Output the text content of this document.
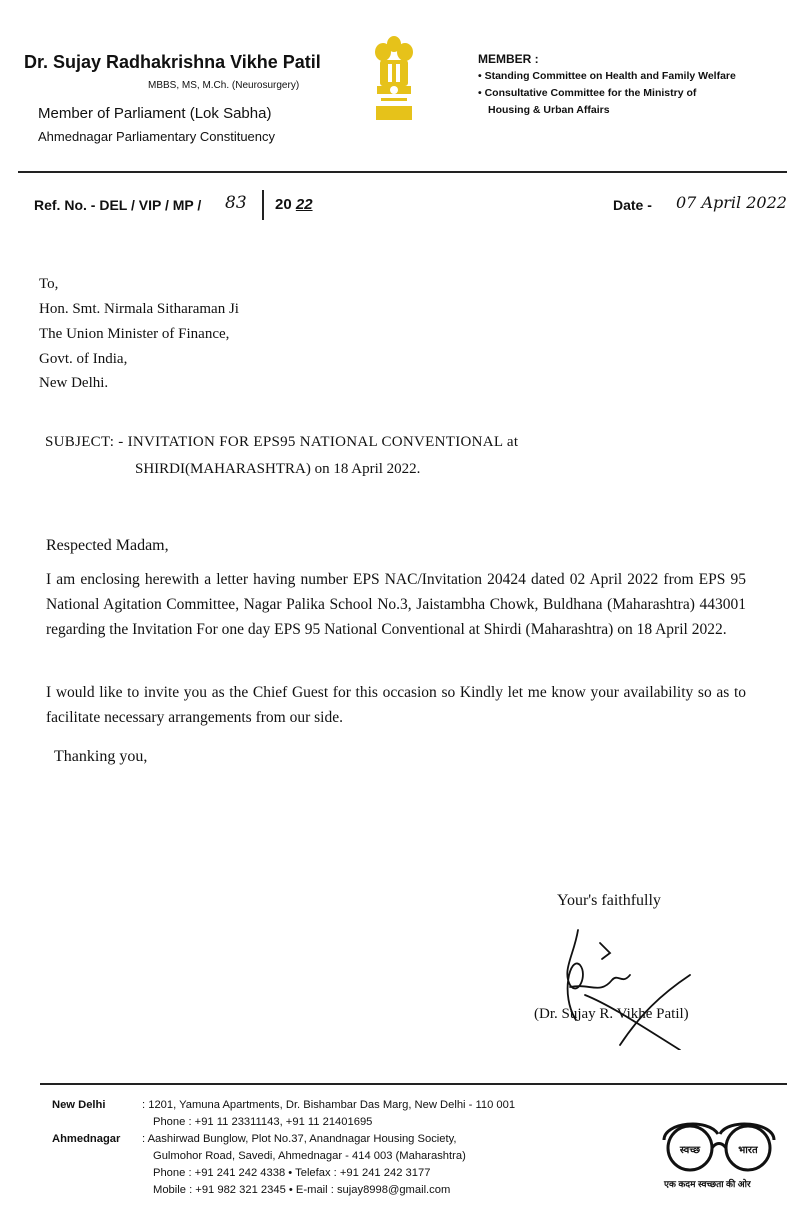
Dr. Sujay Radhakrishna Vikhe Patil
MBBS, MS, M.Ch. (Neurosurgery)
Member of Parliament (Lok Sabha)
Ahmednagar Parliamentary Constituency
MEMBER :
• Standing Committee on Health and Family Welfare
• Consultative Committee for the Ministry of
Housing & Urban Affairs
Ref. No. - DEL / VIP / MP / 83 20 22	Date - 07 April 2022
To,
Hon. Smt. Nirmala Sitharaman Ji
The Union Minister of Finance,
Govt. of India,
New Delhi.
SUBJECT: - INVITATION FOR EPS95 NATIONAL CONVENTIONAL at
SHIRDI(MAHARASHTRA) on 18 April 2022.
Respected Madam,
I am enclosing herewith a letter having number EPS NAC/Invitation 20424 dated 02 April 2022 from EPS 95 National Agitation Committee, Nagar Palika School No.3, Jaistambha Chowk, Buldhana (Maharashtra) 443001 regarding the Invitation For one day EPS 95 National Conventional at Shirdi (Maharashtra) on 18 April 2022.
I would like to invite you as the Chief Guest for this occasion so Kindly let me know your availability so as to facilitate necessary arrangements from our side.
Thanking you,
Your's faithfully
(Dr. Sujay R. Vikhe Patil)
New Delhi	: 1201, Yamuna Apartments, Dr. Bishambar Das Marg, New Delhi - 110 001
Phone : +91 11 23311143, +91 11 21401695
Ahmednagar : Aashirwad Bunglow, Plot No.37, Anandnagar Housing Society,
Gulmohor Road, Savedi, Ahmednagar - 414 003 (Maharashtra)
Phone : +91 241 242 4338 • Telefax : +91 241 242 3177
Mobile : +91 982 321 2345 • E-mail : sujay8998@gmail.com
स्वच्छ	भारत
एक कदम स्वच्छता की ओर
